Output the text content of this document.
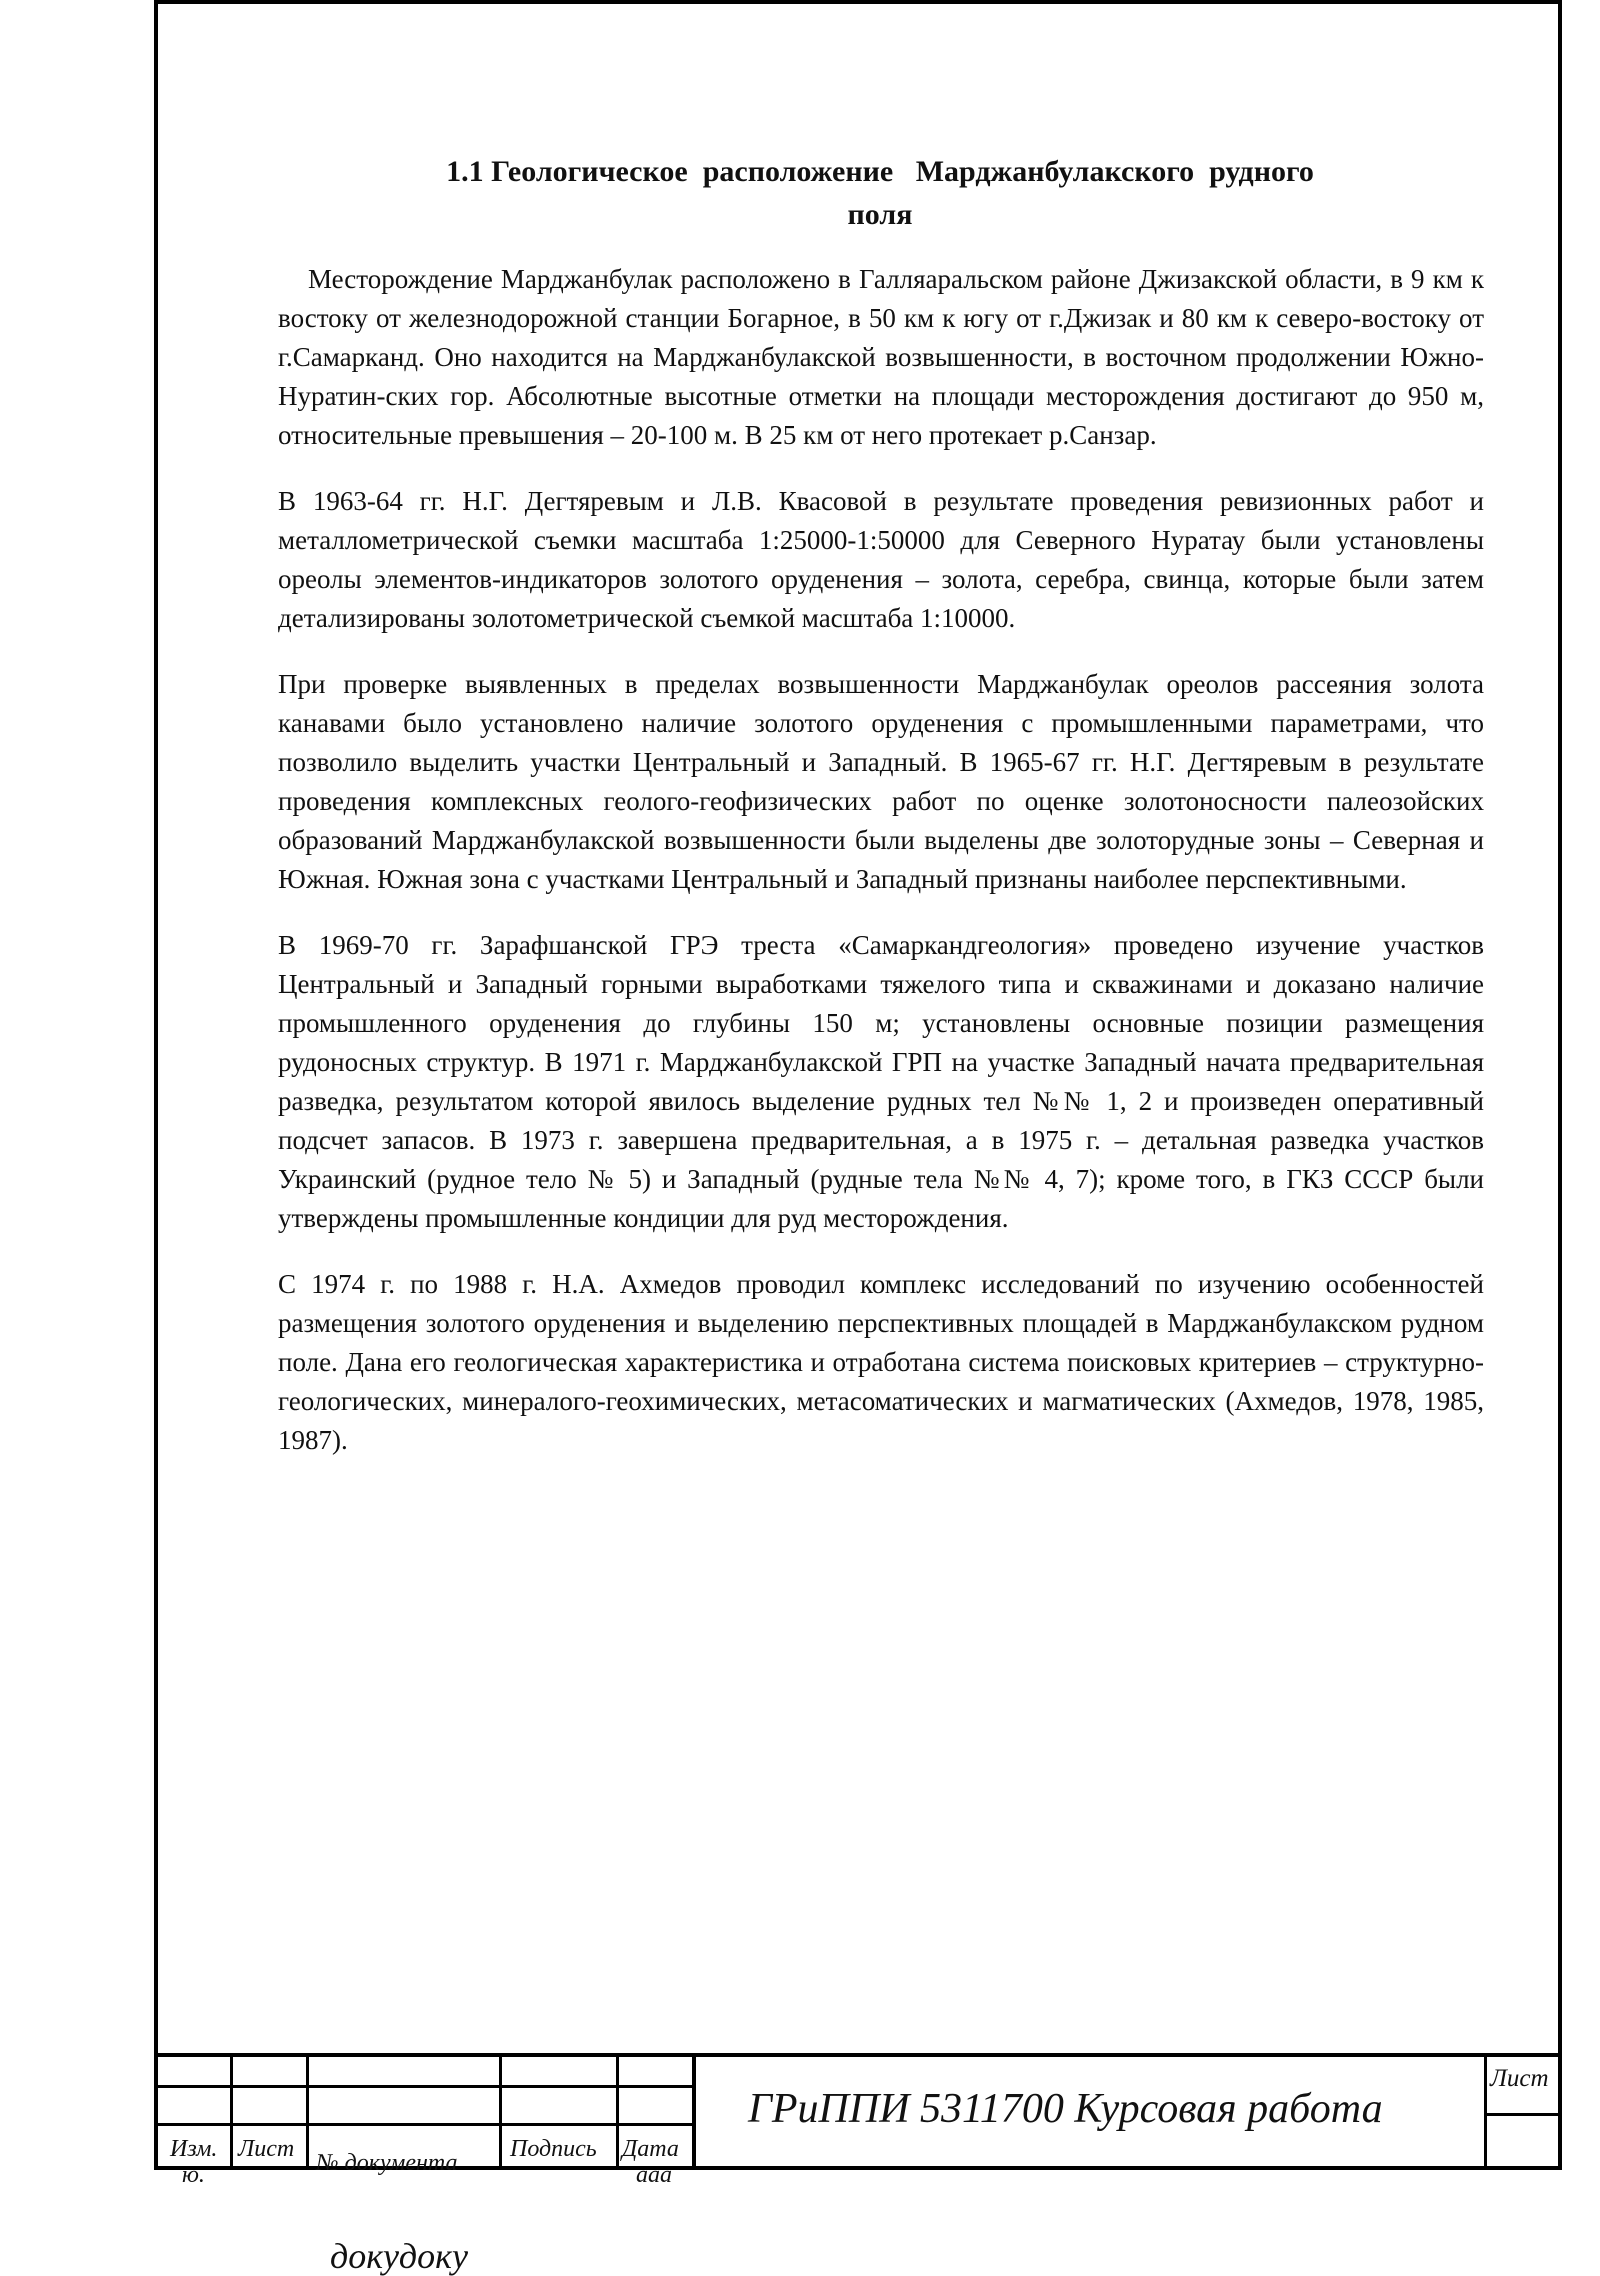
1.1 Геологическое  расположение   Марджанбулакского  рудного
поля

Месторождение Марджанбулак расположено в Галляаральском районе Джизакской области, в 9 км к востоку от железнодорожной станции Богарное, в 50 км к югу от г.Джизак и 80 км к северо-востоку от г.Самарканд. Оно находится на Марджанбулакской возвышенности, в восточном продолжении Южно-Нуратин-ских гор. Абсолютные высотные отметки на площади месторождения достигают до 950 м, относительные превышения – 20-100 м. В 25 км от него протекает р.Санзар.

В 1963-64 гг. Н.Г. Дегтяревым и Л.В. Квасовой в результате проведения ревизионных работ и металлометрической съемки масштаба 1:25000-1:50000 для Северного Нуратау были установлены ореолы элементов-индикаторов золотого оруденения – золота, серебра, свинца, которые были затем детализированы золотометрической съемкой масштаба 1:10000.

При проверке выявленных в пределах возвышенности Марджанбулак ореолов рассеяния золота канавами было установлено наличие золотого оруденения с промышленными параметрами, что позволило выделить участки Центральный и Западный. В 1965-67 гг. Н.Г. Дегтяревым в результате проведения комплексных геолого-геофизических работ по оценке золотоносности палеозойских образований Марджанбулакской возвышенности были выделены две золоторудные зоны – Северная и Южная. Южная зона с участками Центральный и Западный признаны наиболее перспективными.

В 1969-70 гг. Зарафшанской ГРЭ треста «Самаркандгеология» проведено изучение участков Центральный и Западный горными выработками тяжелого типа и скважинами и доказано наличие промышленного оруденения до глубины 150 м; установлены основные позиции размещения рудоносных структур. В 1971 г. Марджанбулакской ГРП на участке Западный начата предварительная разведка, результатом которой явилось выделение рудных тел №№ 1, 2 и произведен оперативный подсчет запасов. В 1973 г. завершена предварительная, а в 1975 г. – детальная разведка участков Украинский (рудное тело № 5) и Западный (рудные тела №№ 4, 7); кроме того, в ГКЗ СССР были утверждены промышленные кондиции для руд месторождения.

С 1974 г. по 1988 г. Н.А. Ахмедов проводил комплекс исследований по изучению особенностей размещения золотого оруденения и выделению перспективных площадей в Марджанбулакском рудном поле. Дана его геологическая характеристика и отработана система поисковых критериев – структурно-геологических, минералого-геохимических, метасоматических и магматических (Ахмедов, 1978, 1985, 1987).

ГРиППИ 5311700 Курсовая работа
Лист
Изм.
ю.
Лист
№ документа
Подпись Дата
ааа
докудоку
